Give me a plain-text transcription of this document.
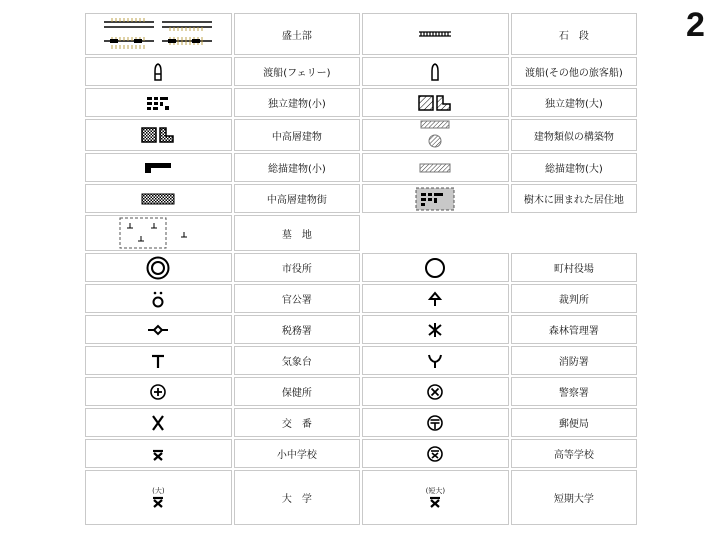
2
	盛土部		石　段

	渡船(フェリー)		渡船(その他の旅客船)

	独立建物(小)		独立建物(大)

	中高層建物		建物類似の構築物

	総描建物(小)		総描建物(大)

	中高層建物街		樹木に囲まれた居住地

	墓　地		

	市役所		町村役場

	官公署		裁判所

	税務署		森林管理署

	気象台		消防署

	保健所		警察署

	交　番		郵便局

	小中学校		高等学校

(大)	大　学	(短大)	短期大学
